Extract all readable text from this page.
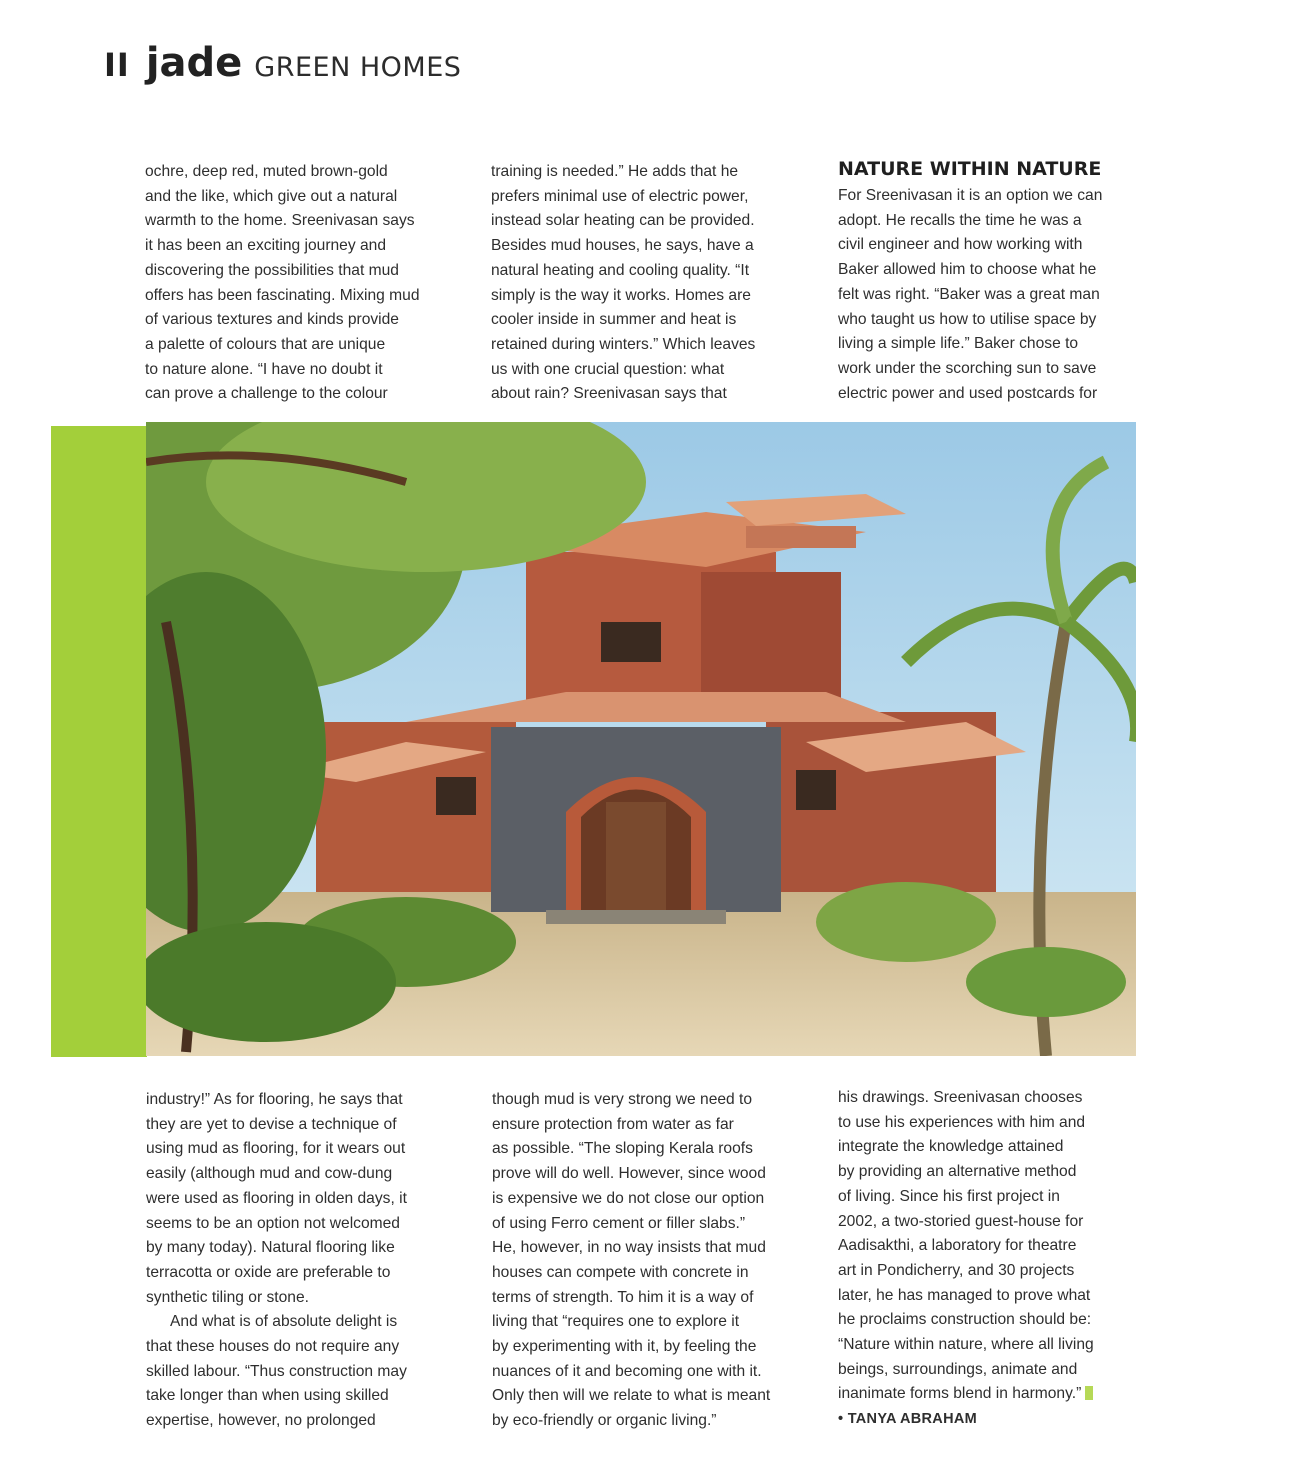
II jade GREEN HOMES

ochre, deep red, muted brown-gold

and the like, which give out a natural

warmth to the home. Sreenivasan says

it has been an exciting journey and

discovering the possibilities that mud

offers has been fascinating. Mixing mud

of various textures and kinds provide

a palette of colours that are unique

to nature alone. “I have no doubt it

can prove a challenge to the colour

training is needed.” He adds that he

prefers minimal use of electric power,

instead solar heating can be provided.

Besides mud houses, he says, have a

natural heating and cooling quality. “It

simply is the way it works. Homes are

cooler inside in summer and heat is

retained during winters.” Which leaves

us with one crucial question: what

about rain? Sreenivasan says that

NATURE WITHIN NATURE

For Sreenivasan it is an option we can

adopt. He recalls the time he was a

civil engineer and how working with

Baker allowed him to choose what he

felt was right. “Baker was a great man

who taught us how to utilise space by

living a simple life.” Baker chose to

work under the scorching sun to save

electric power and used postcards for

industry!” As for flooring, he says that

they are yet to devise a technique of

using mud as flooring, for it wears out

easily (although mud and cow-dung

were used as flooring in olden days, it

seems to be an option not welcomed

by many today). Natural flooring like

terracotta or oxide are preferable to

synthetic tiling or stone.

And what is of absolute delight is

that these houses do not require any

skilled labour. “Thus construction may

take longer than when using skilled

expertise, however, no prolonged

though mud is very strong we need to

ensure protection from water as far

as possible. “The sloping Kerala roofs

prove will do well. However, since wood

is expensive we do not close our option

of using Ferro cement or filler slabs.”

He, however, in no way insists that mud

houses can compete with concrete in

terms of strength. To him it is a way of

living that “requires one to explore it

by experimenting with it, by feeling the

nuances of it and becoming one with it.

Only then will we relate to what is meant

by eco-friendly or organic living.”

his drawings. Sreenivasan chooses

to use his experiences with him and

integrate the knowledge attained

by providing an alternative method

of living. Since his first project in

2002, a two-storied guest-house for

Aadisakthi, a laboratory for theatre

art in Pondicherry, and 30 projects

later, he has managed to prove what

he proclaims construction should be:

“Nature within nature, where all living

beings, surroundings, animate and

inanimate forms blend in harmony.”

• TANYA ABRAHAM
